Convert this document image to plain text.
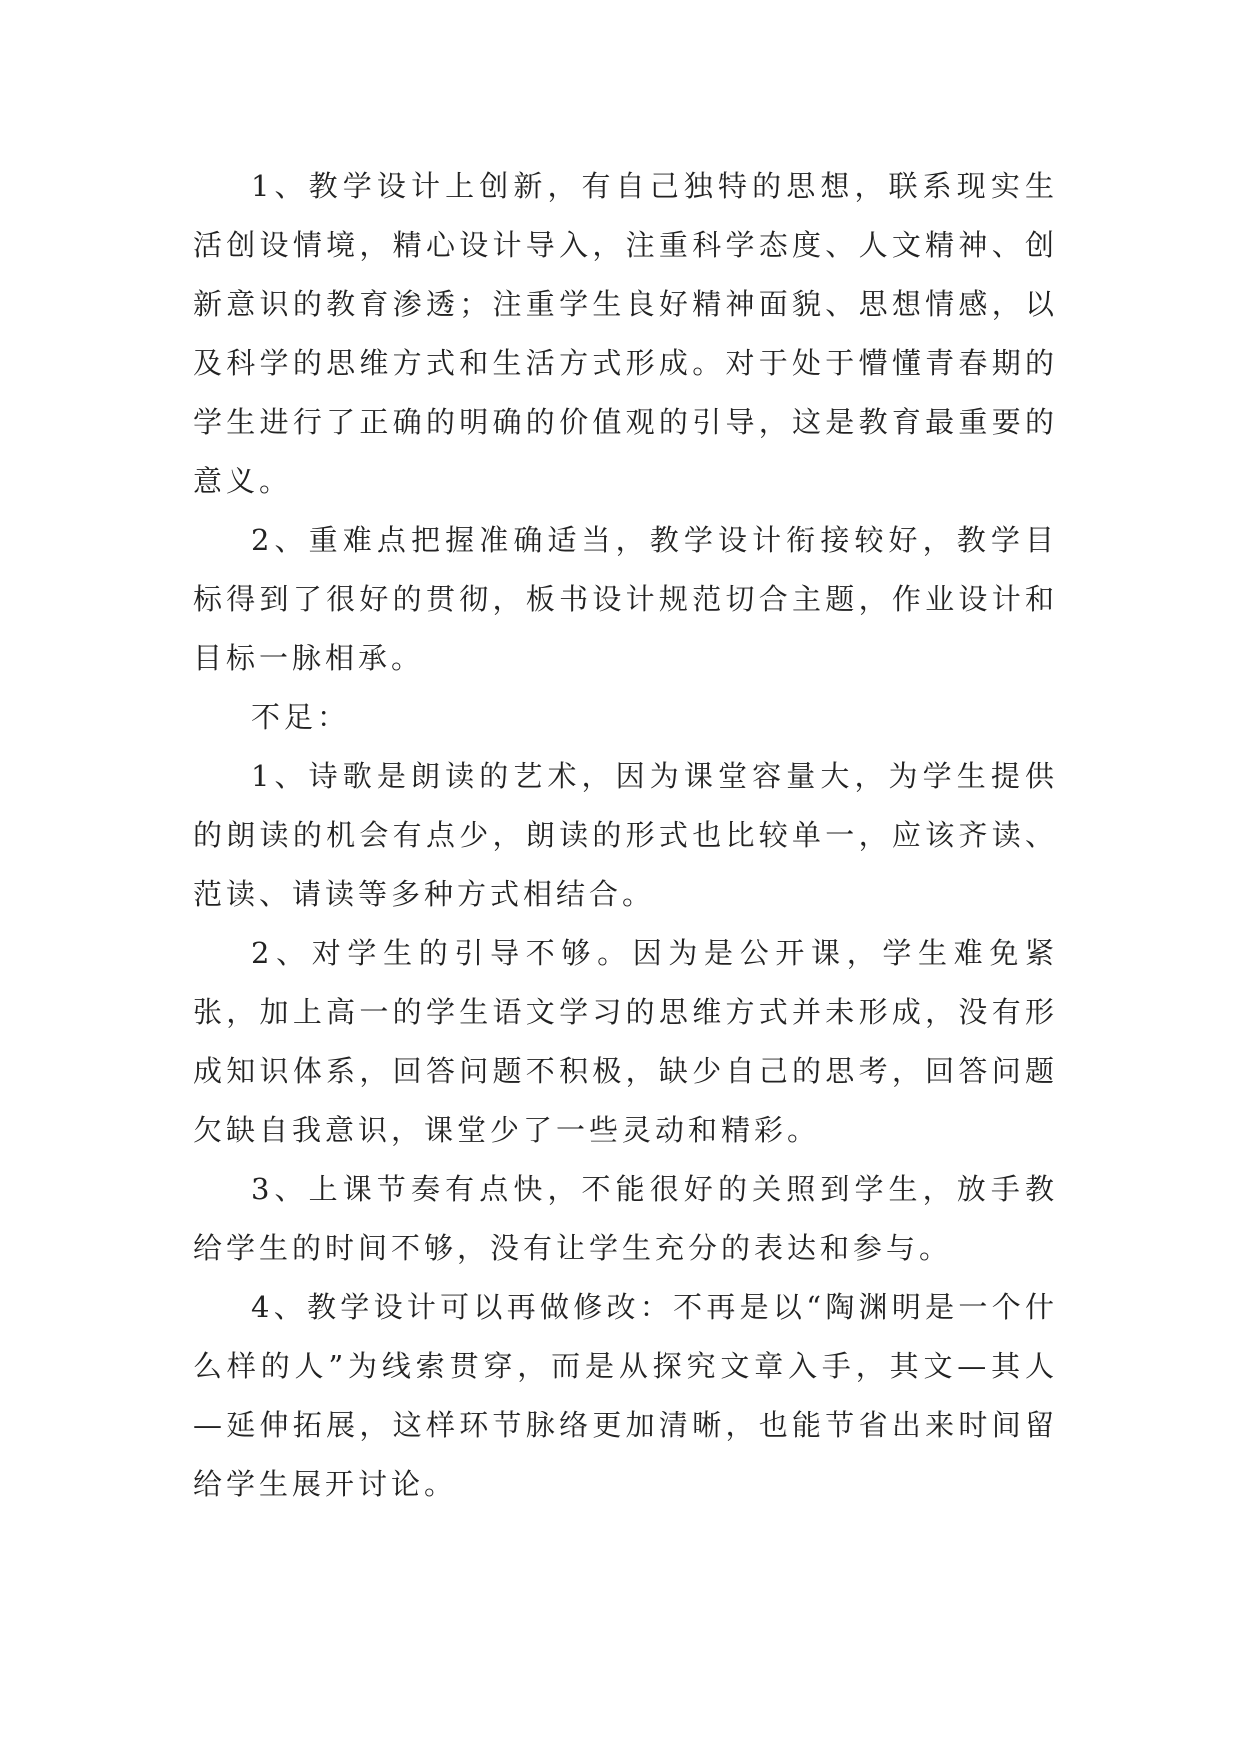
1、教学设计上创新，有自己独特的思想，联系现实生活创设情境，精心设计导入，注重科学态度、人文精神、创新意识的教育渗透；注重学生良好精神面貌、思想情感，以及科学的思维方式和生活方式形成。对于处于懵懂青春期的学生进行了正确的明确的价值观的引导，这是教育最重要的意义。

2、重难点把握准确适当，教学设计衔接较好，教学目标得到了很好的贯彻，板书设计规范切合主题，作业设计和目标一脉相承。

不足：

1、诗歌是朗读的艺术，因为课堂容量大，为学生提供的朗读的机会有点少，朗读的形式也比较单一，应该齐读、范读、请读等多种方式相结合。

2、对学生的引导不够。因为是公开课，学生难免紧张，加上高一的学生语文学习的思维方式并未形成，没有形成知识体系，回答问题不积极，缺少自己的思考，回答问题欠缺自我意识，课堂少了一些灵动和精彩。

3、上课节奏有点快，不能很好的关照到学生，放手教给学生的时间不够，没有让学生充分的表达和参与。

4、教学设计可以再做修改：不再是以“陶渊明是一个什么样的人”为线索贯穿，而是从探究文章入手，其文—其人—延伸拓展，这样环节脉络更加清晰，也能节省出来时间留给学生展开讨论。
